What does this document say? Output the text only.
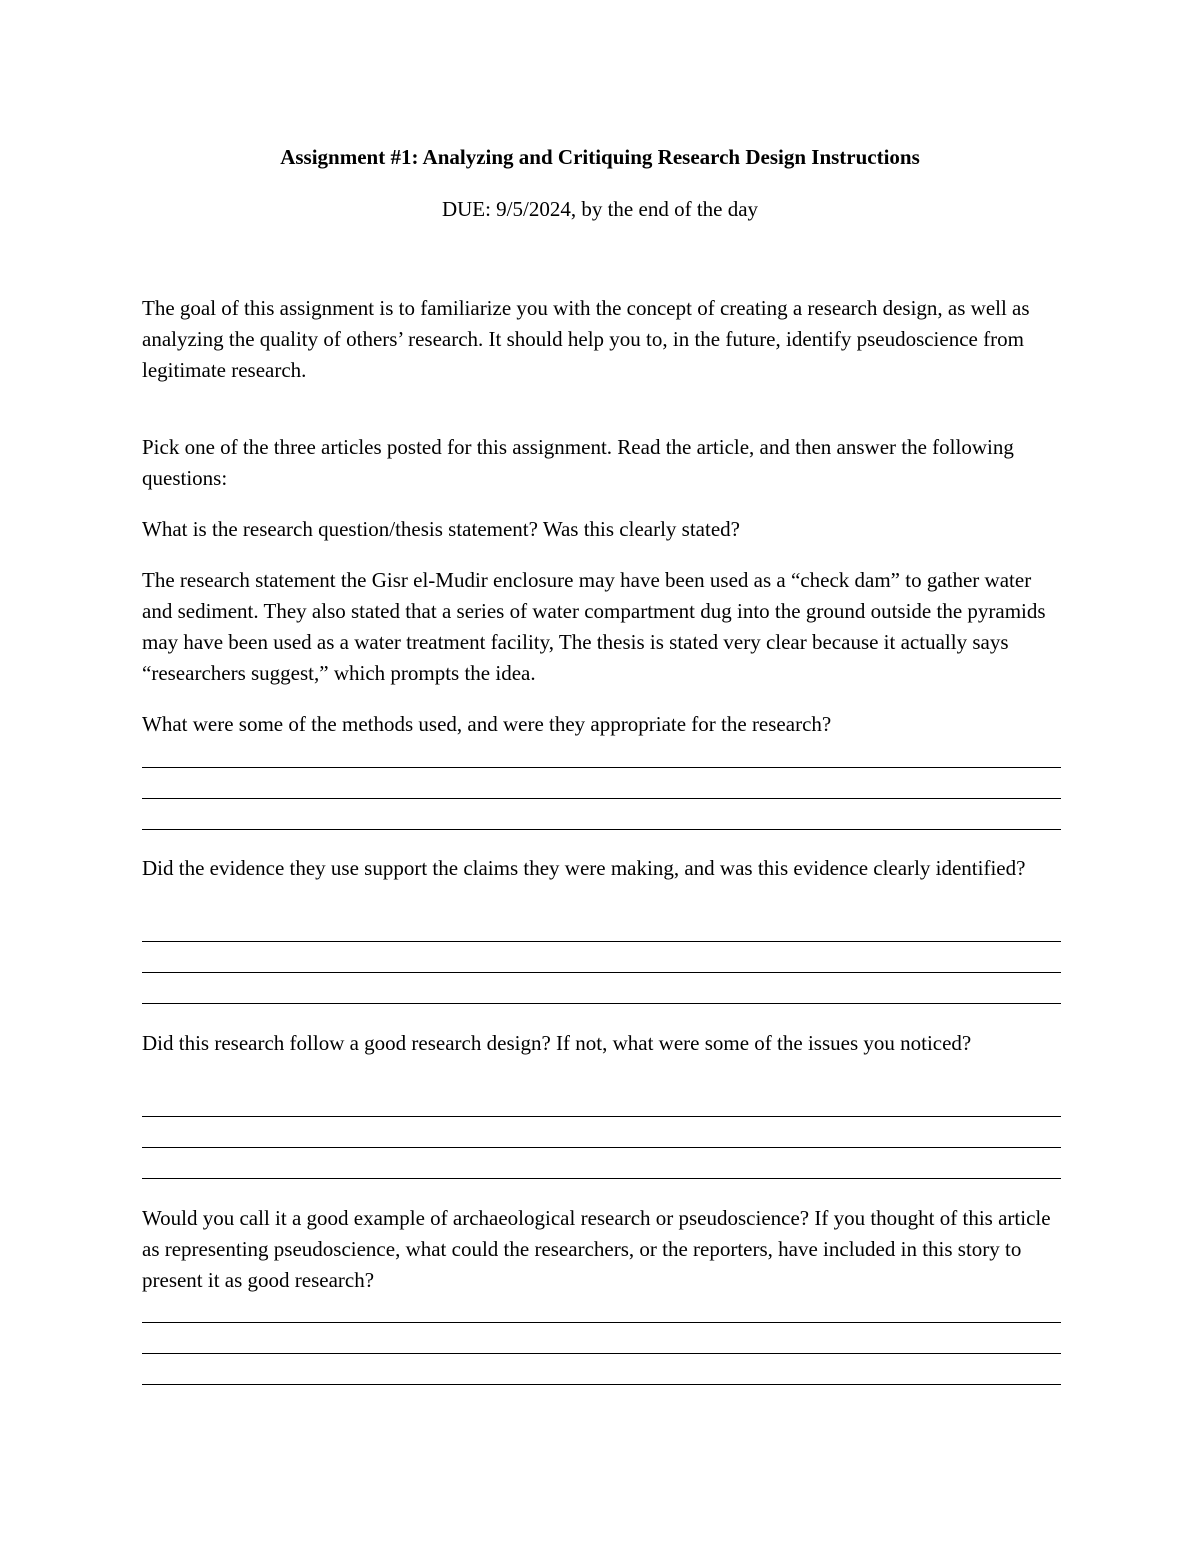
Assignment #1: Analyzing and Critiquing Research Design Instructions

DUE: 9/5/2024, by the end of the day

The goal of this assignment is to familiarize you with the concept of creating a research design, as well as analyzing the quality of others’ research. It should help you to, in the future, identify pseudoscience from legitimate research.

Pick one of the three articles posted for this assignment. Read the article, and then answer the following questions:

What is the research question/thesis statement? Was this clearly stated?

The research statement the Gisr el-Mudir enclosure may have been used as a “check dam” to gather water and sediment. They also stated that a series of water compartment dug into the ground outside the pyramids may have been used as a water treatment facility, The thesis is stated very clear because it actually says “researchers suggest,” which prompts the idea.

What were some of the methods used, and were they appropriate for the research?

Did the evidence they use support the claims they were making, and was this evidence clearly identified?

Did this research follow a good research design? If not, what were some of the issues you noticed?

Would you call it a good example of archaeological research or pseudoscience? If you thought of this article as representing pseudoscience, what could the researchers, or the reporters, have included in this story to present it as good research?
